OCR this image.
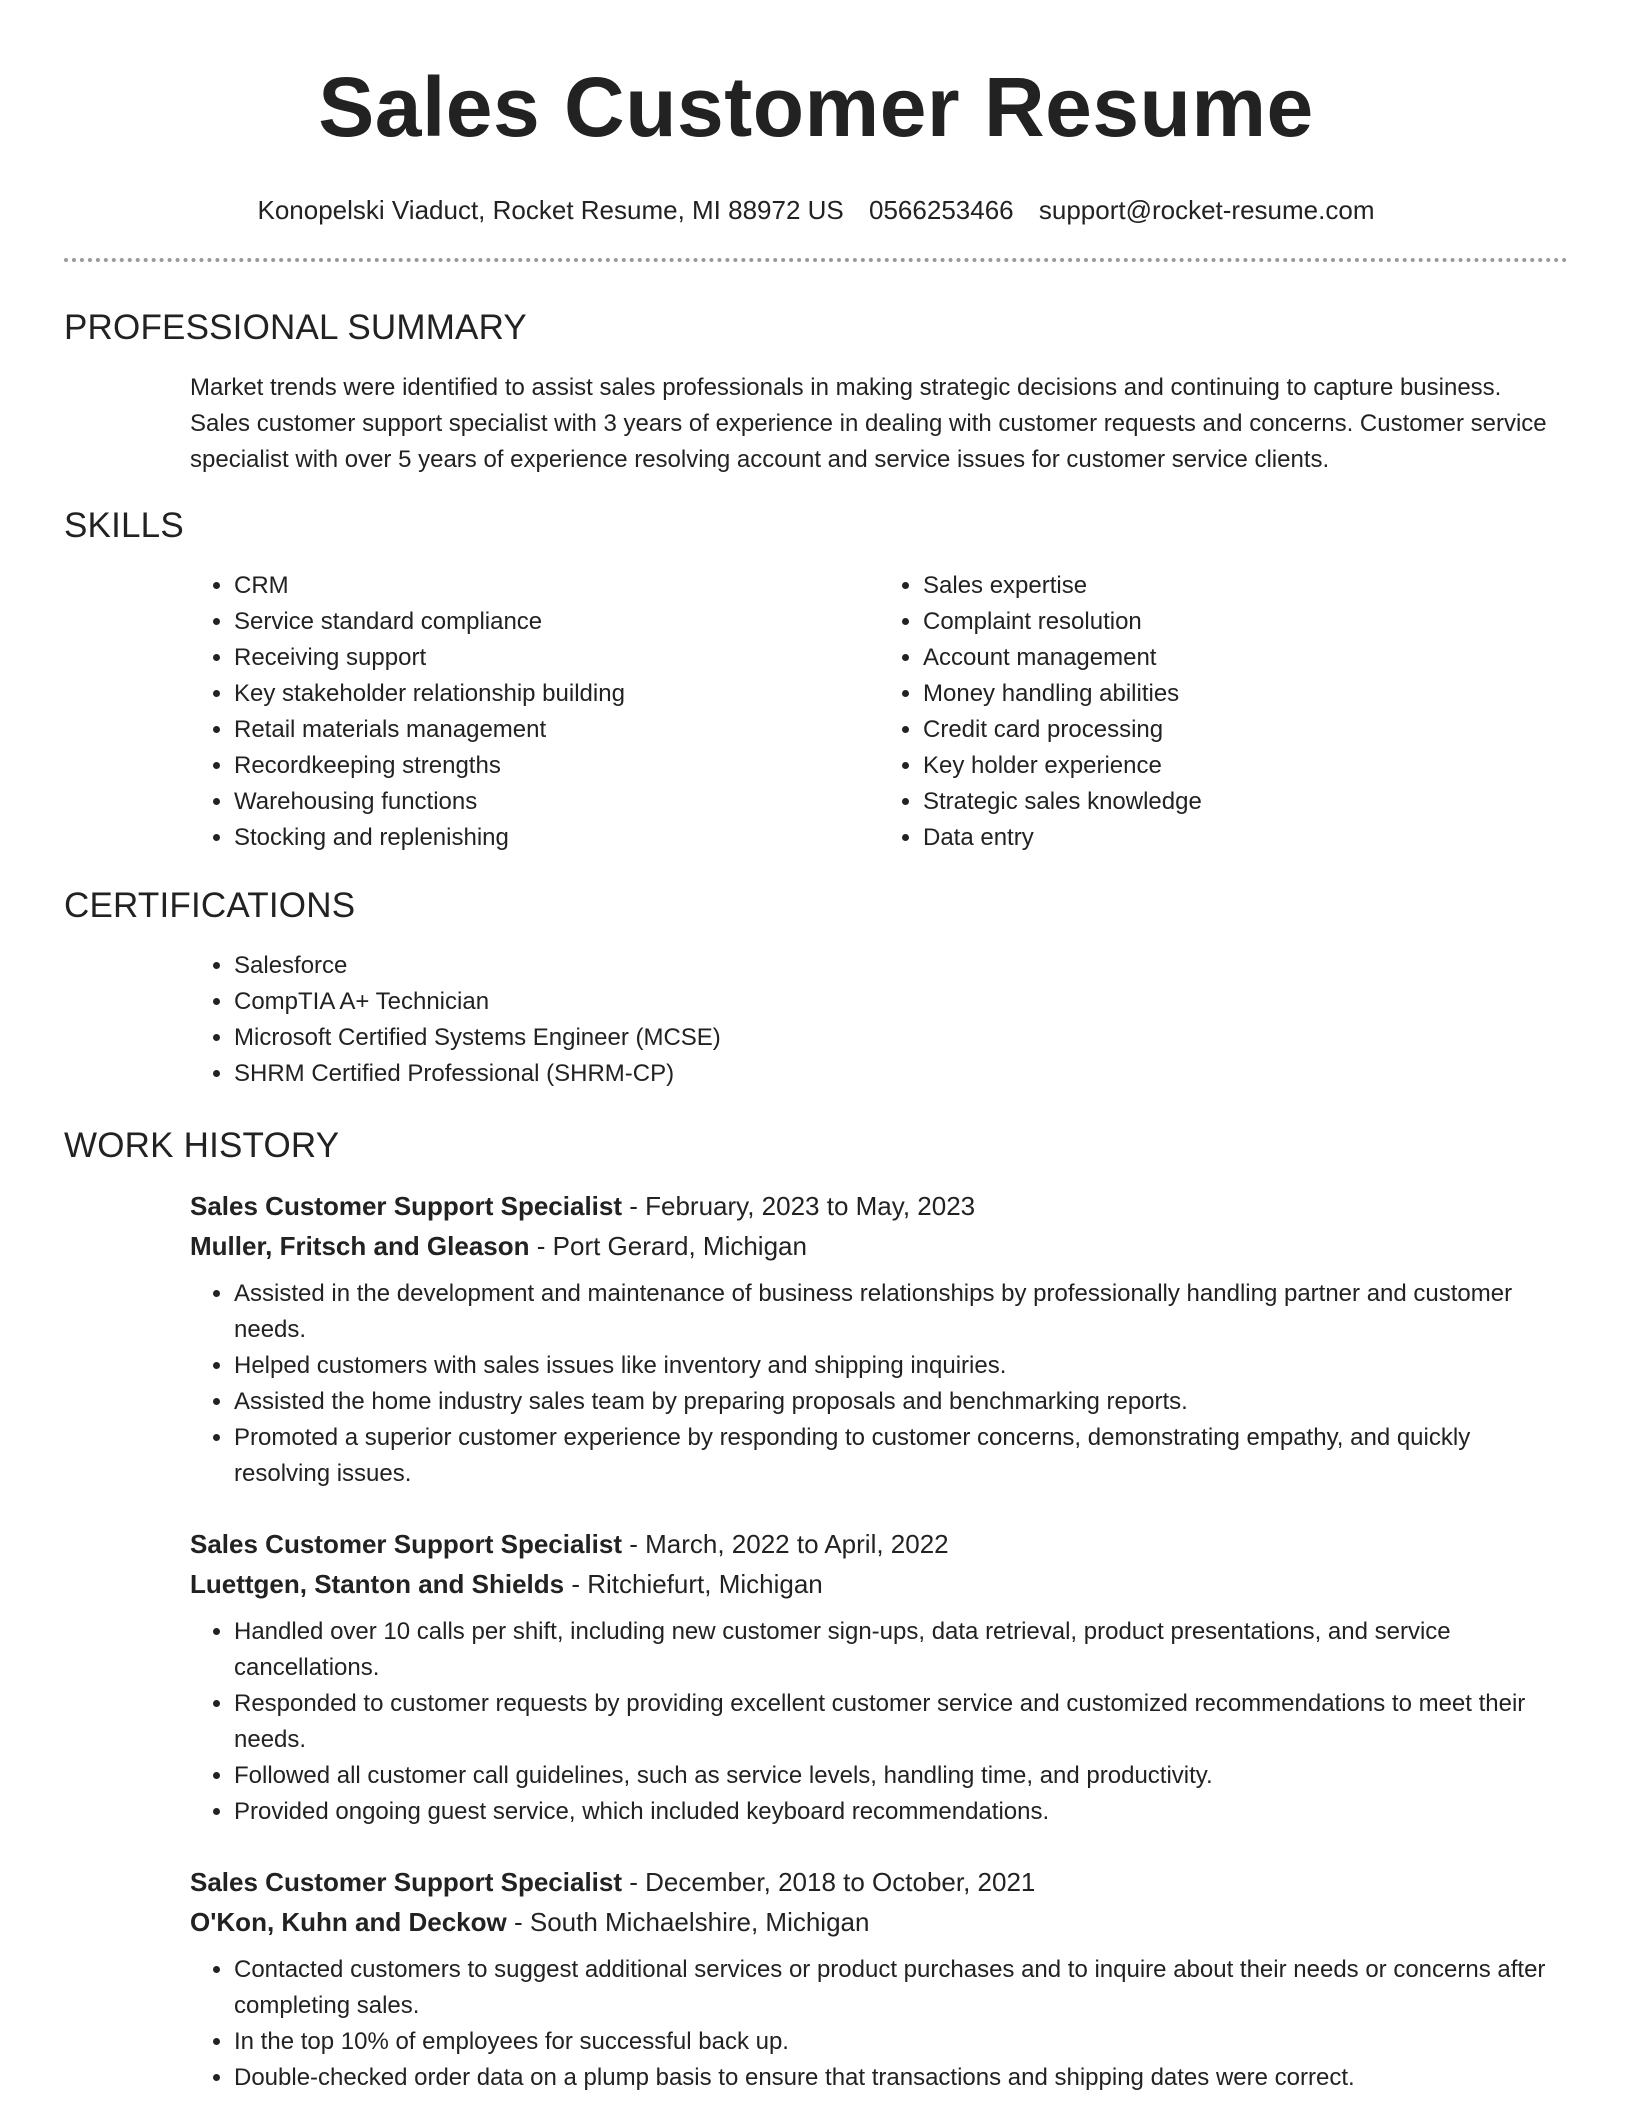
Sales Customer Resume
Konopelski Viaduct, Rocket Resume, MI 88972 US 0566253466 support@rocket-resume.com
PROFESSIONAL SUMMARY
Market trends were identified to assist sales professionals in making strategic decisions and continuing to capture business. Sales customer support specialist with 3 years of experience in dealing with customer requests and concerns. Customer service specialist with over 5 years of experience resolving account and service issues for customer service clients.
SKILLS
• CRM
• Service standard compliance
• Receiving support
• Key stakeholder relationship building
• Retail materials management
• Recordkeeping strengths
• Warehousing functions
• Stocking and replenishing
• Sales expertise
• Complaint resolution
• Account management
• Money handling abilities
• Credit card processing
• Key holder experience
• Strategic sales knowledge
• Data entry
CERTIFICATIONS
• Salesforce
• CompTIA A+ Technician
• Microsoft Certified Systems Engineer (MCSE)
• SHRM Certified Professional (SHRM-CP)
WORK HISTORY
Sales Customer Support Specialist - February, 2023 to May, 2023
Muller, Fritsch and Gleason - Port Gerard, Michigan
• Assisted in the development and maintenance of business relationships by professionally handling partner and customer needs.
• Helped customers with sales issues like inventory and shipping inquiries.
• Assisted the home industry sales team by preparing proposals and benchmarking reports.
• Promoted a superior customer experience by responding to customer concerns, demonstrating empathy, and quickly resolving issues.
Sales Customer Support Specialist - March, 2022 to April, 2022
Luettgen, Stanton and Shields - Ritchiefurt, Michigan
• Handled over 10 calls per shift, including new customer sign-ups, data retrieval, product presentations, and service cancellations.
• Responded to customer requests by providing excellent customer service and customized recommendations to meet their needs.
• Followed all customer call guidelines, such as service levels, handling time, and productivity.
• Provided ongoing guest service, which included keyboard recommendations.
Sales Customer Support Specialist - December, 2018 to October, 2021
O'Kon, Kuhn and Deckow - South Michaelshire, Michigan
• Contacted customers to suggest additional services or product purchases and to inquire about their needs or concerns after completing sales.
• In the top 10% of employees for successful back up.
• Double-checked order data on a plump basis to ensure that transactions and shipping dates were correct.
